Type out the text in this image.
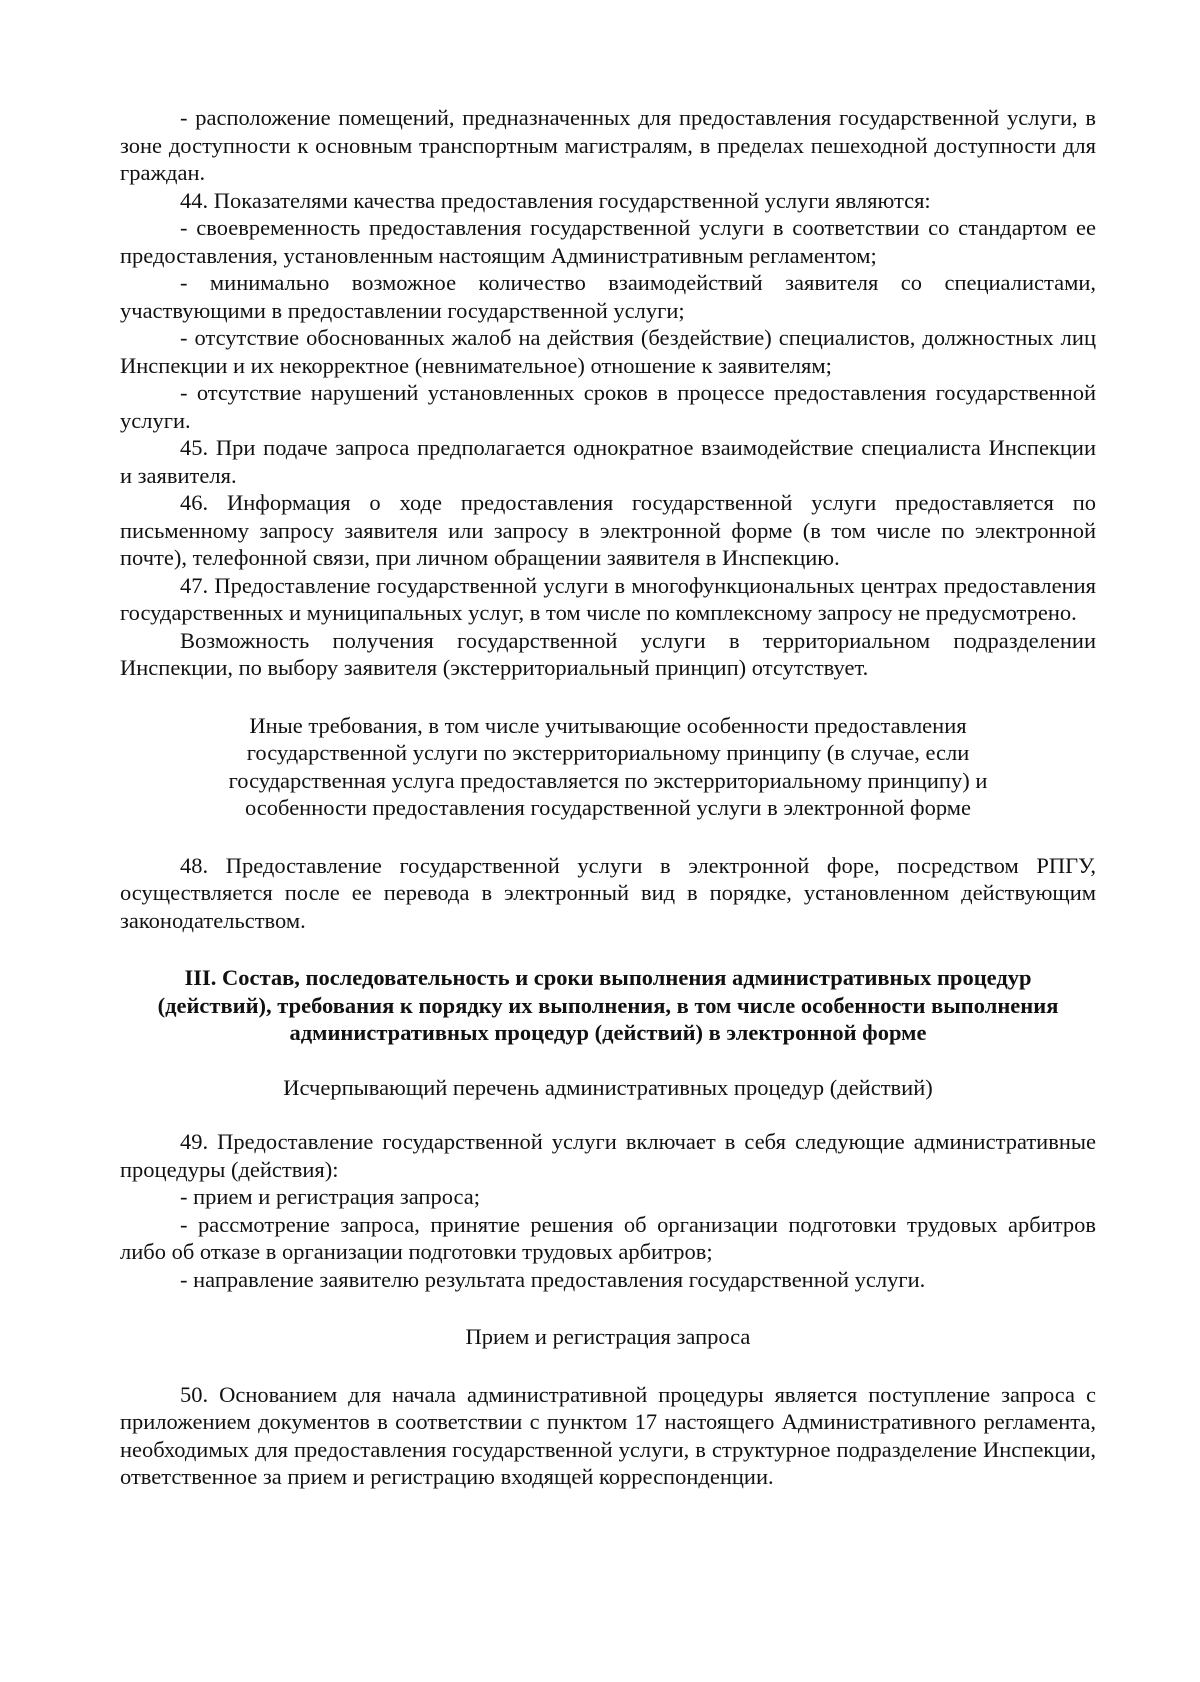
- расположение помещений, предназначенных для предоставления государственной услуги, в зоне доступности к основным транспортным магистралям, в пределах пешеходной доступности для граждан.

44. Показателями качества предоставления государственной услуги являются:

- своевременность предоставления государственной услуги в соответствии со стандартом ее предоставления, установленным настоящим Административным регламентом;

- минимально возможное количество взаимодействий заявителя со специалистами, участвующими в предоставлении государственной услуги;

- отсутствие обоснованных жалоб на действия (бездействие) специалистов, должностных лиц Инспекции и их некорректное (невнимательное) отношение к заявителям;

- отсутствие нарушений установленных сроков в процессе предоставления государственной услуги.

45. При подаче запроса предполагается однократное взаимодействие специалиста Инспекции и заявителя.

46. Информация о ходе предоставления государственной услуги предоставляется по письменному запросу заявителя или запросу в электронной форме (в том числе по электронной почте), телефонной связи, при личном обращении заявителя в Инспекцию.

47. Предоставление государственной услуги в многофункциональных центрах предоставления государственных и муниципальных услуг, в том числе по комплексному запросу не предусмотрено.

Возможность получения государственной услуги в территориальном подразделении Инспекции, по выбору заявителя (экстерриториальный принцип) отсутствует.

Иные требования, в том числе учитывающие особенности предоставления

государственной услуги по экстерриториальному принципу (в случае, если

государственная услуга предоставляется по экстерриториальному принципу) и

особенности предоставления государственной услуги в электронной форме

48. Предоставление государственной услуги в электронной форе, посредством РПГУ, осуществляется после ее перевода в электронный вид в порядке, установленном действующим законодательством.

III. Состав, последовательность и сроки выполнения административных процедур

(действий), требования к порядку их выполнения, в том числе особенности выполнения

административных процедур (действий) в электронной форме

Исчерпывающий перечень административных процедур (действий)

49. Предоставление государственной услуги включает в себя следующие административные процедуры (действия):

- прием и регистрация запроса;

- рассмотрение запроса, принятие решения об организации подготовки трудовых арбитров либо об отказе в организации подготовки трудовых арбитров;

- направление заявителю результата предоставления государственной услуги.

Прием и регистрация запроса

50. Основанием для начала административной процедуры является поступление запроса с приложением документов в соответствии с пунктом 17 настоящего Административного регламента, необходимых для предоставления государственной услуги, в структурное подразделение Инспекции, ответственное за прием и регистрацию входящей корреспонденции.
